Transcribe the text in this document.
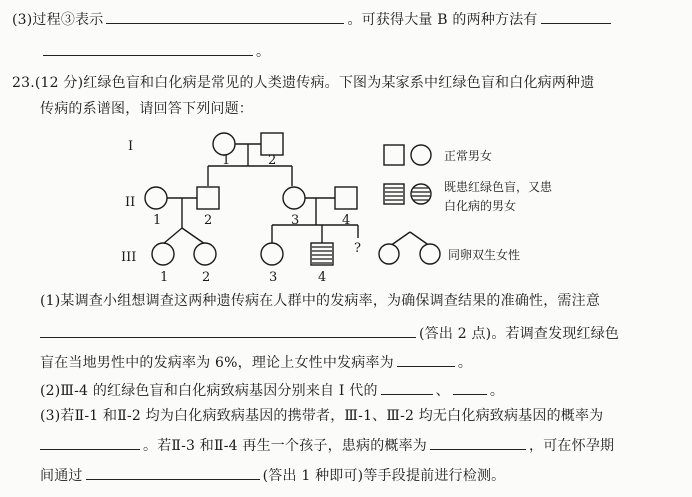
(3)过程③表示	。可获得大量 B 的两种方法有
。
23.(12 分)红绿色盲和白化病是常见的人类遗传病。下图为某家系中红绿色盲和白化病两种遗
传病的系谱图，请回答下列问题：
I
II
III
1	2
1	2	3	4
1	2	3	4
?
正常男女
既患红绿色盲，又患
白化病的男女
同卵双生女性
(1)某调查小组想调查这两种遗传病在人群中的发病率，为确保调查结果的准确性，需注意
(答出 2 点)。若调查发现红绿色
盲在当地男性中的发病率为 6%，理论上女性中发病率为	。
(2)Ⅲ-4 的红绿色盲和白化病致病基因分别来自 I 代的	、	。
(3)若Ⅱ-1 和Ⅱ-2 均为白化病致病基因的携带者，Ⅲ-1、Ⅲ-2 均无白化病致病基因的概率为
。若Ⅱ-3 和Ⅱ-4 再生一个孩子，患病的概率为	，可在怀孕期
间通过	(答出 1 种即可)等手段提前进行检测。
